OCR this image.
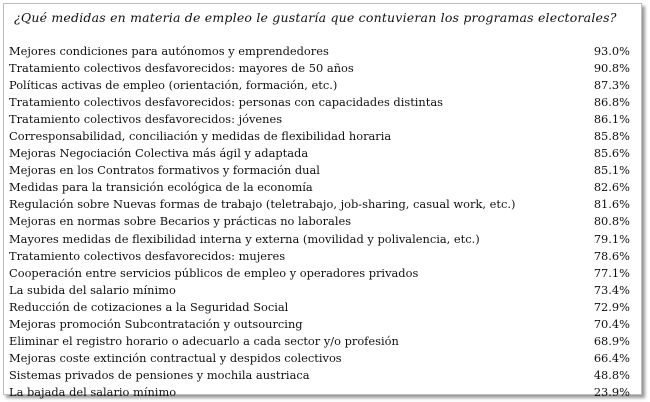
¿Qué medidas en materia de empleo le gustaría que contuvieran los programas electorales?
Mejores condiciones para autónomos y emprendedores	93.0%
Tratamiento colectivos desfavorecidos: mayores de 50 años	90.8%
Políticas activas de empleo (orientación, formación, etc.)	87.3%
Tratamiento colectivos desfavorecidos: personas con capacidades distintas	86.8%
Tratamiento colectivos desfavorecidos: jóvenes	86.1%
Corresponsabilidad, conciliación y medidas de flexibilidad horaria	85.8%
Mejoras Negociación Colectiva más ágil y adaptada	85.6%
Mejoras en los Contratos formativos y formación dual	85.1%
Medidas para la transición ecológica de la economía	82.6%
Regulación sobre Nuevas formas de trabajo (teletrabajo, job-sharing, casual work, etc.)	81.6%
Mejoras en normas sobre Becarios y prácticas no laborales	80.8%
Mayores medidas de flexibilidad interna y externa (movilidad y polivalencia, etc.)	79.1%
Tratamiento colectivos desfavorecidos: mujeres	78.6%
Cooperación entre servicios públicos de empleo y operadores privados	77.1%
La subida del salario mínimo	73.4%
Reducción de cotizaciones a la Seguridad Social	72.9%
Mejoras promoción Subcontratación y outsourcing	70.4%
Eliminar el registro horario o adecuarlo a cada sector y/o profesión	68.9%
Mejoras coste extinción contractual y despidos colectivos	66.4%
Sistemas privados de pensiones y mochila austriaca	48.8%
La bajada del salario mínimo	23.9%
